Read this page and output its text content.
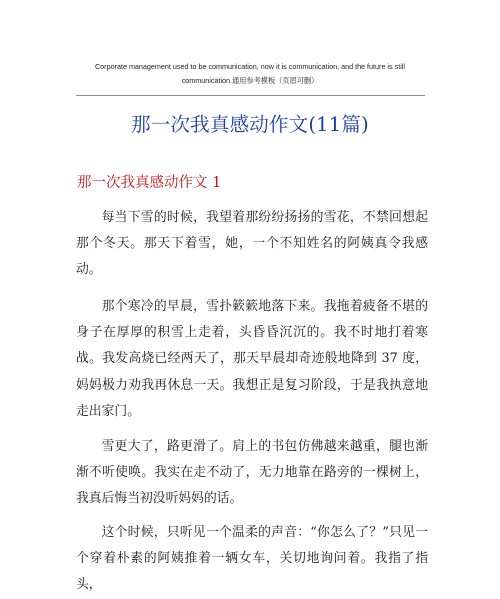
Corporate management used to be communication, now it is communication, and the future is still
communication.通用参考模板（页眉可删）
那一次我真感动作文(11篇)
那一次我真感动作文 1

每当下雪的时候，我望着那纷纷扬扬的雪花，不禁回想起那个冬天。那天下着雪，她，一个不知姓名的阿姨真令我感动。

那个寒冷的早晨，雪扑簌簌地落下来。我拖着疲备不堪的身子在厚厚的积雪上走着，头昏昏沉沉的。我不时地打着寒战。我发高烧已经两天了，那天早晨却奇迹般地降到 37 度，妈妈极力劝我再休息一天。我想正是复习阶段，于是我执意地走出家门。

雪更大了，路更滑了。肩上的书包仿佛越来越重，腿也渐渐不听使唤。我实在走不动了，无力地靠在路旁的一棵树上，我真后悔当初没听妈妈的话。

这个时候，只听见一个温柔的声音：“你怎么了？”只见一个穿着朴素的阿姨推着一辆女车，关切地询问着。我指了指头，
